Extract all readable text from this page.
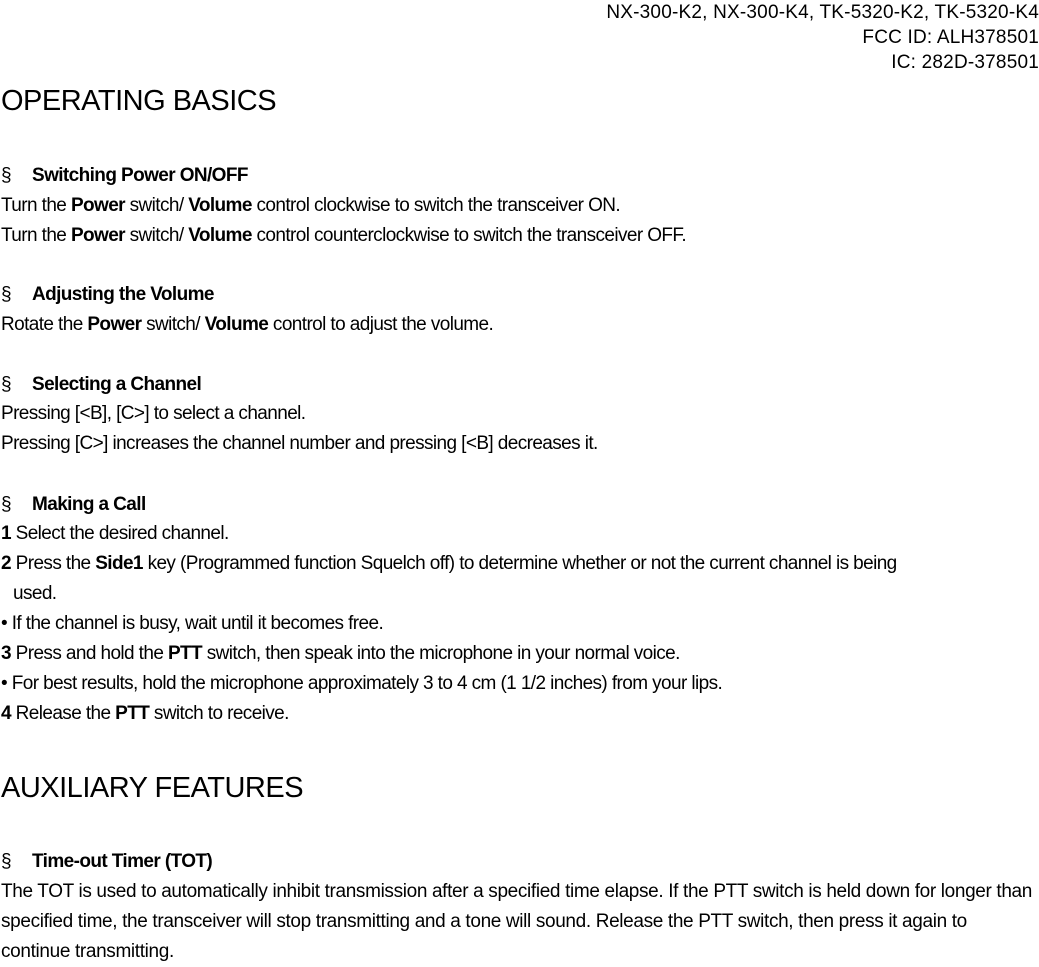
NX-300-K2, NX-300-K4, TK-5320-K2, TK-5320-K4
FCC ID: ALH378501
IC: 282D-378501
OPERATING BASICS
§ Switching Power ON/OFF
Turn the Power switch/ Volume control clockwise to switch the transceiver ON.
Turn the Power switch/ Volume control counterclockwise to switch the transceiver OFF.
§ Adjusting the Volume
Rotate the Power switch/ Volume control to adjust the volume.
§ Selecting a Channel
Pressing [<B], [C>] to select a channel.
Pressing [C>] increases the channel number and pressing [<B] decreases it.
§ Making a Call
1 Select the desired channel.
2 Press the Side1 key (Programmed function Squelch off) to determine whether or not the current channel is being
used.
• If the channel is busy, wait until it becomes free.
3 Press and hold the PTT switch, then speak into the microphone in your normal voice.
• For best results, hold the microphone approximately 3 to 4 cm (1 1/2 inches) from your lips.
4 Release the PTT switch to receive.
AUXILIARY FEATURES
§ Time-out Timer (TOT)
The TOT is used to automatically inhibit transmission after a specified time elapse. If the PTT switch is held down for longer than specified time, the transceiver will stop transmitting and a tone will sound. Release the PTT switch, then press it again to continue transmitting.
